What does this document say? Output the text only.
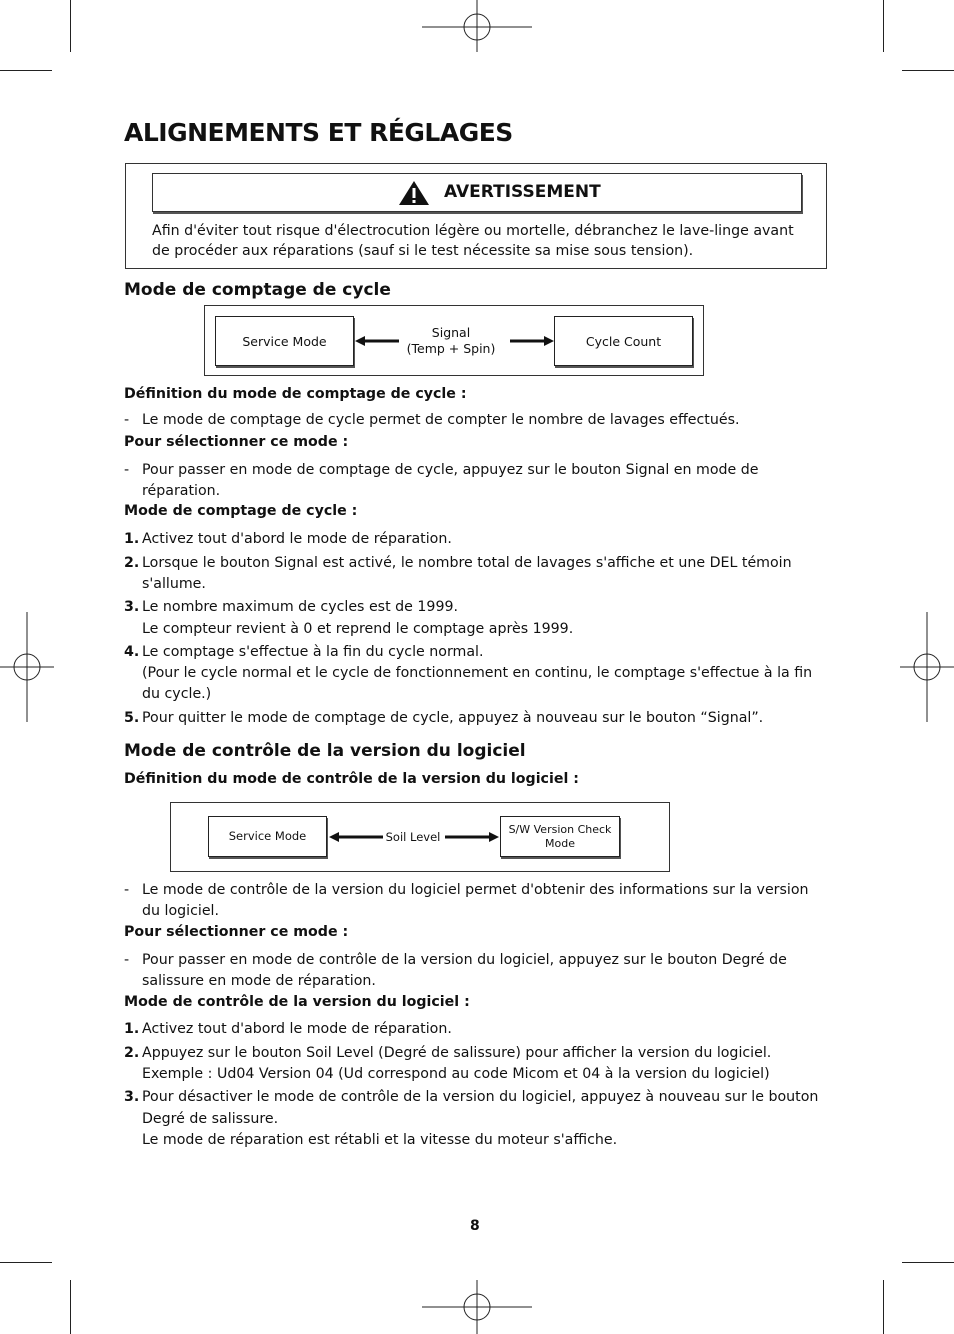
ALIGNEMENTS ET RÉGLAGES
AVERTISSEMENT
Afin d'éviter tout risque d'électrocution légère ou mortelle, débranchez le lave-linge avant de procéder aux réparations (sauf si le test nécessite sa mise sous tension).
Mode de comptage de cycle
Service Mode
Signal
(Temp + Spin)	Cycle Count
Définition du mode de comptage de cycle :
- Le mode de comptage de cycle permet de compter le nombre de lavages effectués.
Pour sélectionner ce mode :
- Pour passer en mode de comptage de cycle, appuyez sur le bouton Signal en mode de réparation.
Mode de comptage de cycle :
1. Activez tout d'abord le mode de réparation.
2. Lorsque le bouton Signal est activé, le nombre total de lavages s'affiche et une DEL témoin
s'allume.
3. Le nombre maximum de cycles est de 1999.
Le compteur revient à 0 et reprend le comptage après 1999.
4. Le comptage s'effectue à la fin du cycle normal.
(Pour le cycle normal et le cycle de fonctionnement en continu, le comptage s'effectue à la fin
du cycle.)
5. Pour quitter le mode de comptage de cycle, appuyez à nouveau sur le bouton “Signal”.
Mode de contrôle de la version du logiciel
Définition du mode de contrôle de la version du logiciel :
Service Mode	Soil Level
S/W Version Check
Mode
- Le mode de contrôle de la version du logiciel permet d'obtenir des informations sur la version du logiciel.
Pour sélectionner ce mode :
- Pour passer en mode de contrôle de la version du logiciel, appuyez sur le bouton Degré de salissure en mode de réparation.
Mode de contrôle de la version du logiciel :
1. Activez tout d'abord le mode de réparation.
2. Appuyez sur le bouton Soil Level (Degré de salissure) pour afficher la version du logiciel.
Exemple : Ud04 Version 04 (Ud correspond au code Micom et 04 à la version du logiciel)
3. Pour désactiver le mode de contrôle de la version du logiciel, appuyez à nouveau sur le bouton
Degré de salissure.
Le mode de réparation est rétabli et la vitesse du moteur s'affiche.
8
